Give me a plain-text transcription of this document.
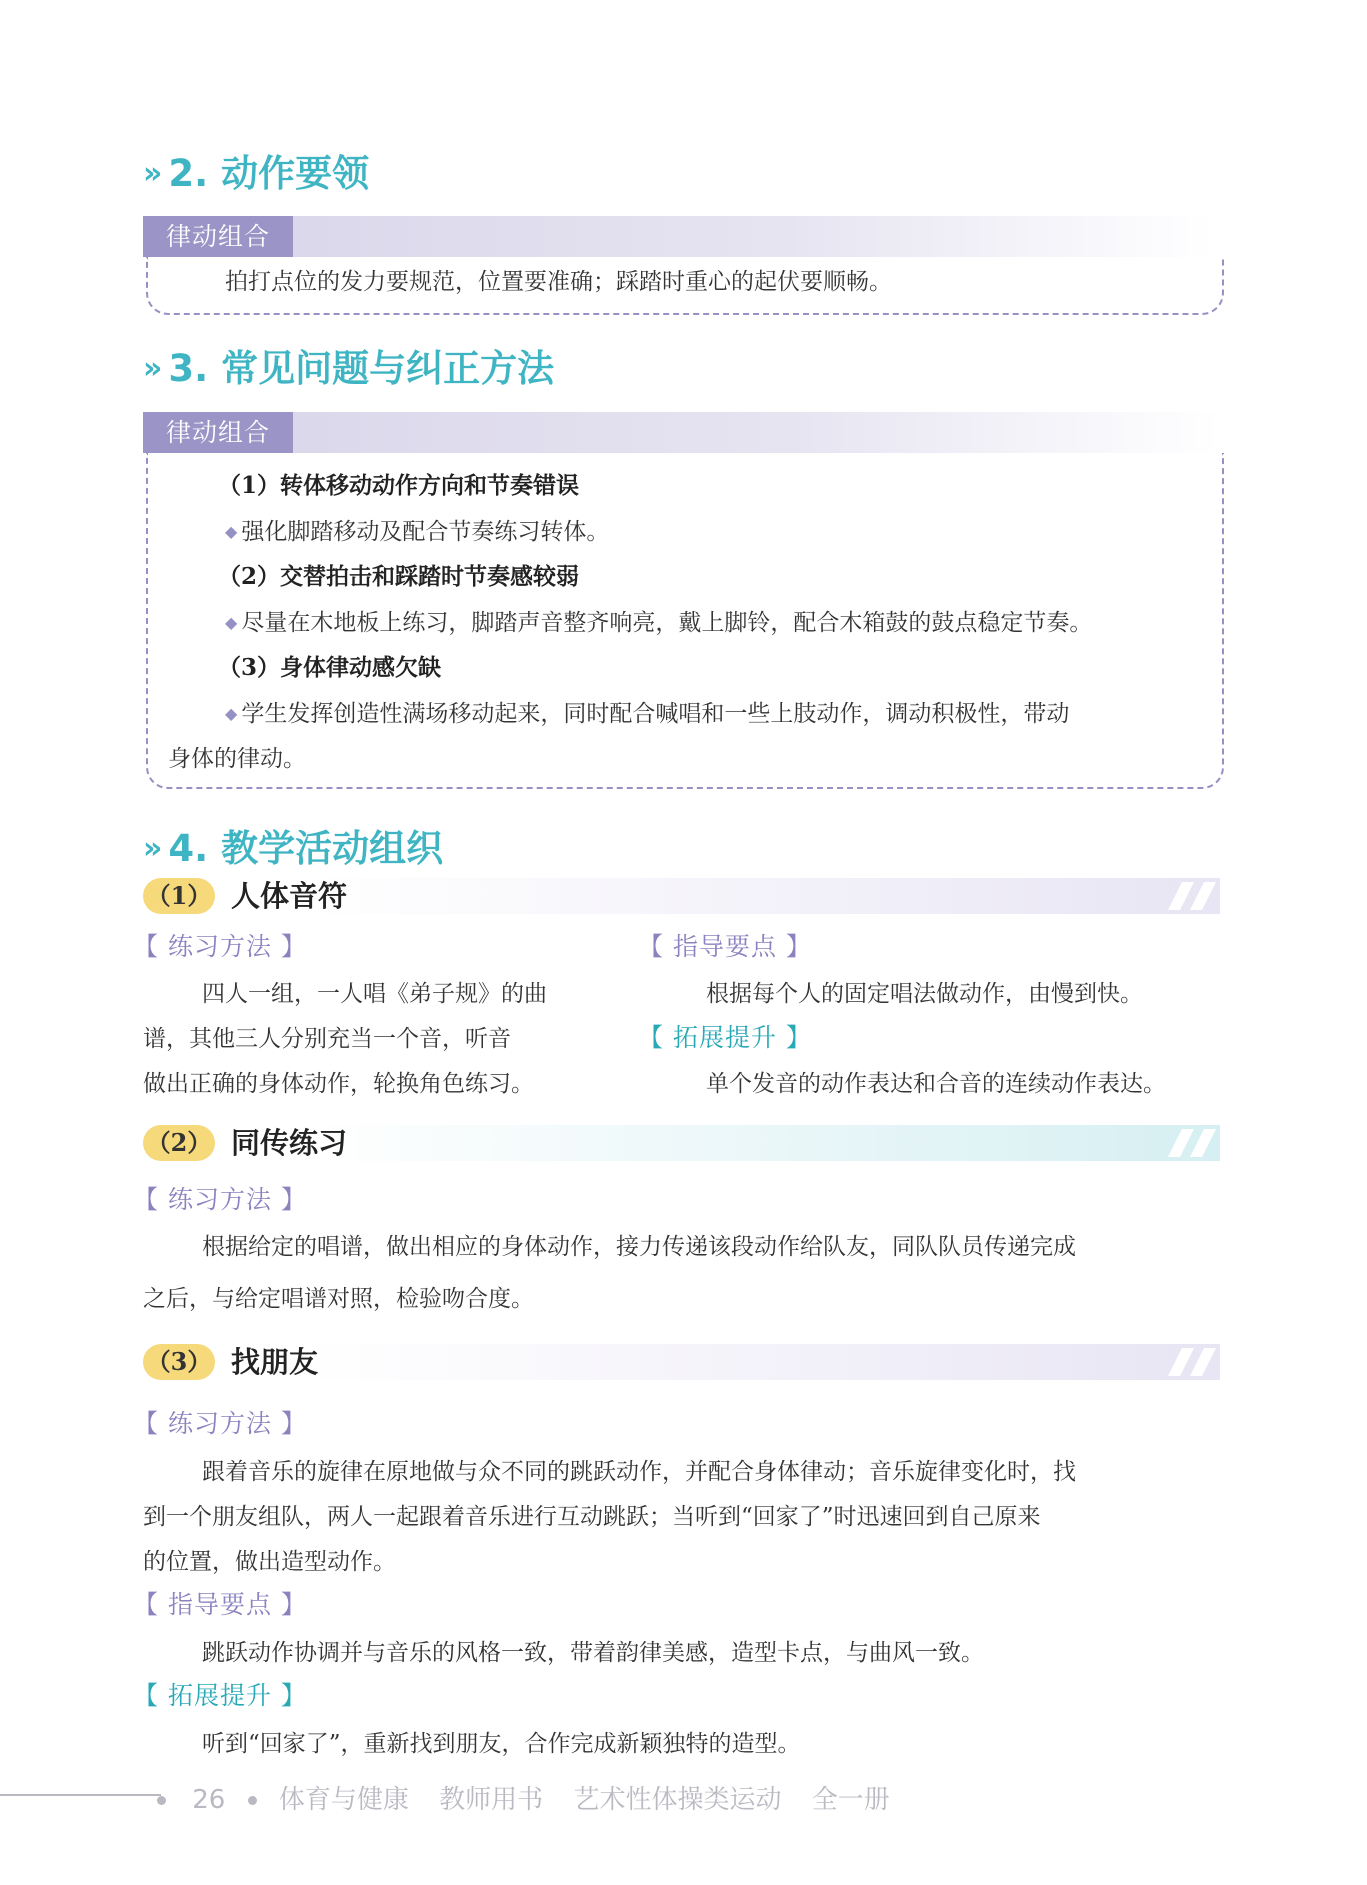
» 2. 动作要领
律动组合
拍打点位的发力要规范，位置要准确；踩踏时重心的起伏要顺畅。
» 3. 常见问题与纠正方法
律动组合
（1）转体移动动作方向和节奏错误
◆ 强化脚踏移动及配合节奏练习转体。
（2）交替拍击和踩踏时节奏感较弱
◆ 尽量在木地板上练习，脚踏声音整齐响亮，戴上脚铃，配合木箱鼓的鼓点稳定节奏。
（3）身体律动感欠缺
◆ 学生发挥创造性满场移动起来，同时配合喊唱和一些上肢动作，调动积极性，带动
身体的律动。
» 4. 教学活动组织
（1） 人体音符
【 练习方法 】
四人一组，一人唱《弟子规》的曲
谱，其他三人分别充当一个音，听音
做出正确的身体动作，轮换角色练习。
【 指导要点 】
根据每个人的固定唱法做动作，由慢到快。
【 拓展提升 】
单个发音的动作表达和合音的连续动作表达。
（2） 同传练习
【 练习方法 】
根据给定的唱谱，做出相应的身体动作，接力传递该段动作给队友，同队队员传递完成
之后，与给定唱谱对照，检验吻合度。
（3） 找朋友
【 练习方法 】
跟着音乐的旋律在原地做与众不同的跳跃动作，并配合身体律动；音乐旋律变化时，找
到一个朋友组队，两人一起跟着音乐进行互动跳跃；当听到“回家了”时迅速回到自己原来
的位置，做出造型动作。
【 指导要点 】
跳跃动作协调并与音乐的风格一致，带着韵律美感，造型卡点，与曲风一致。
【 拓展提升 】
听到“回家了”，重新找到朋友，合作完成新颖独特的造型。
26 体育与健康 教师用书 艺术性体操类运动 全一册
